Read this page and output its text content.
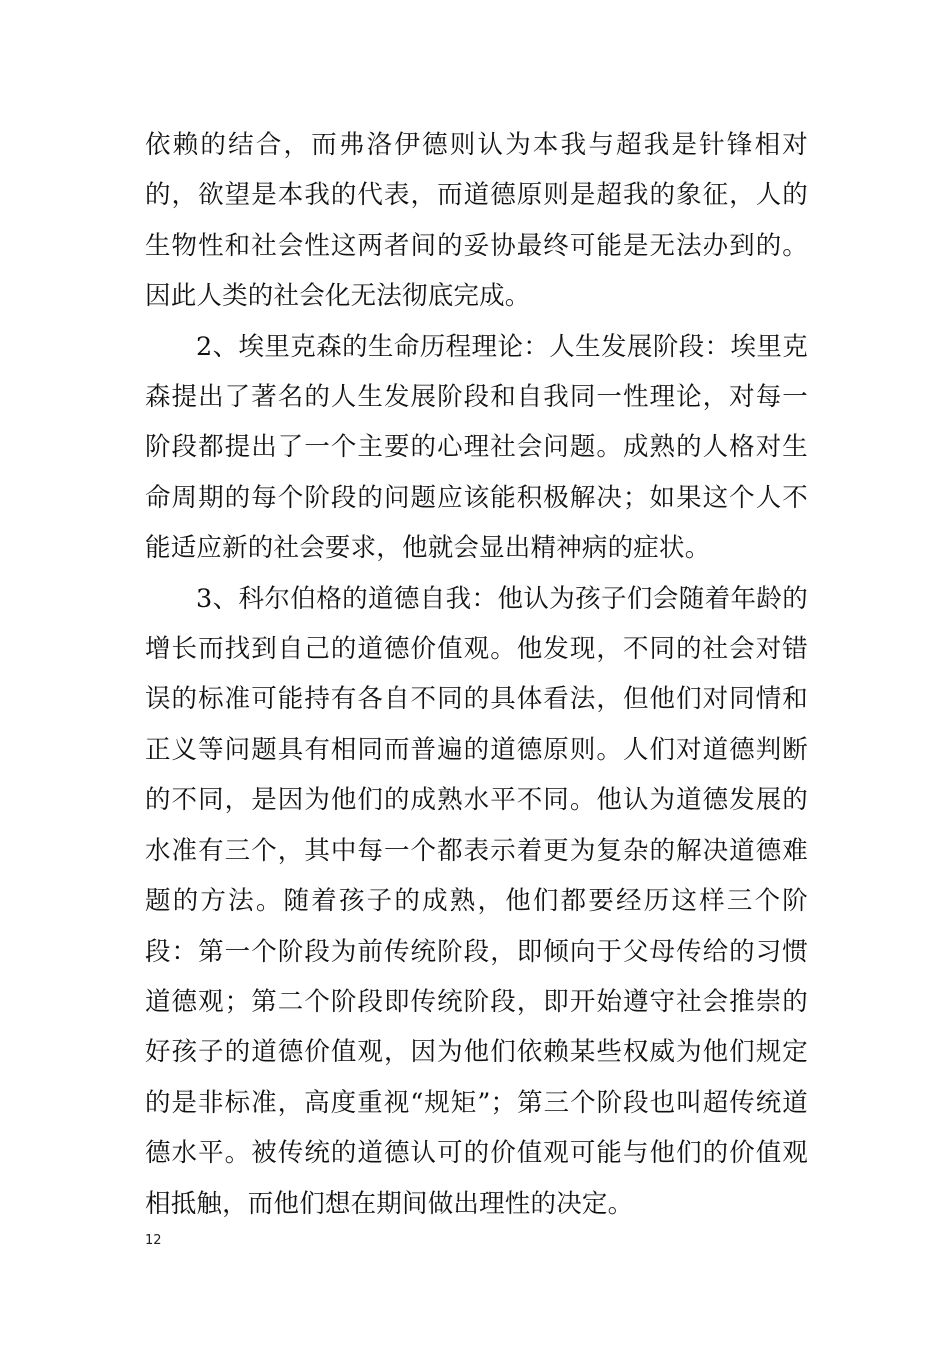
依赖的结合，而弗洛伊德则认为本我与超我是针锋相对的，欲望是本我的代表，而道德原则是超我的象征，人的生物性和社会性这两者间的妥协最终可能是无法办到的。因此人类的社会化无法彻底完成。

2、埃里克森的生命历程理论：人生发展阶段：埃里克森提出了著名的人生发展阶段和自我同一性理论，对每一阶段都提出了一个主要的心理社会问题。成熟的人格对生命周期的每个阶段的问题应该能积极解决；如果这个人不能适应新的社会要求，他就会显出精神病的症状。

3、科尔伯格的道德自我：他认为孩子们会随着年龄的增长而找到自己的道德价值观。他发现，不同的社会对错误的标准可能持有各自不同的具体看法，但他们对同情和正义等问题具有相同而普遍的道德原则。人们对道德判断的不同，是因为他们的成熟水平不同。他认为道德发展的水准有三个，其中每一个都表示着更为复杂的解决道德难题的方法。随着孩子的成熟，他们都要经历这样三个阶段：第一个阶段为前传统阶段，即倾向于父母传给的习惯道德观；第二个阶段即传统阶段，即开始遵守社会推崇的好孩子的道德价值观，因为他们依赖某些权威为他们规定的是非标准，高度重视“规矩”；第三个阶段也叫超传统道德水平。被传统的道德认可的价值观可能与他们的价值观相抵触，而他们想在期间做出理性的决定。

12
